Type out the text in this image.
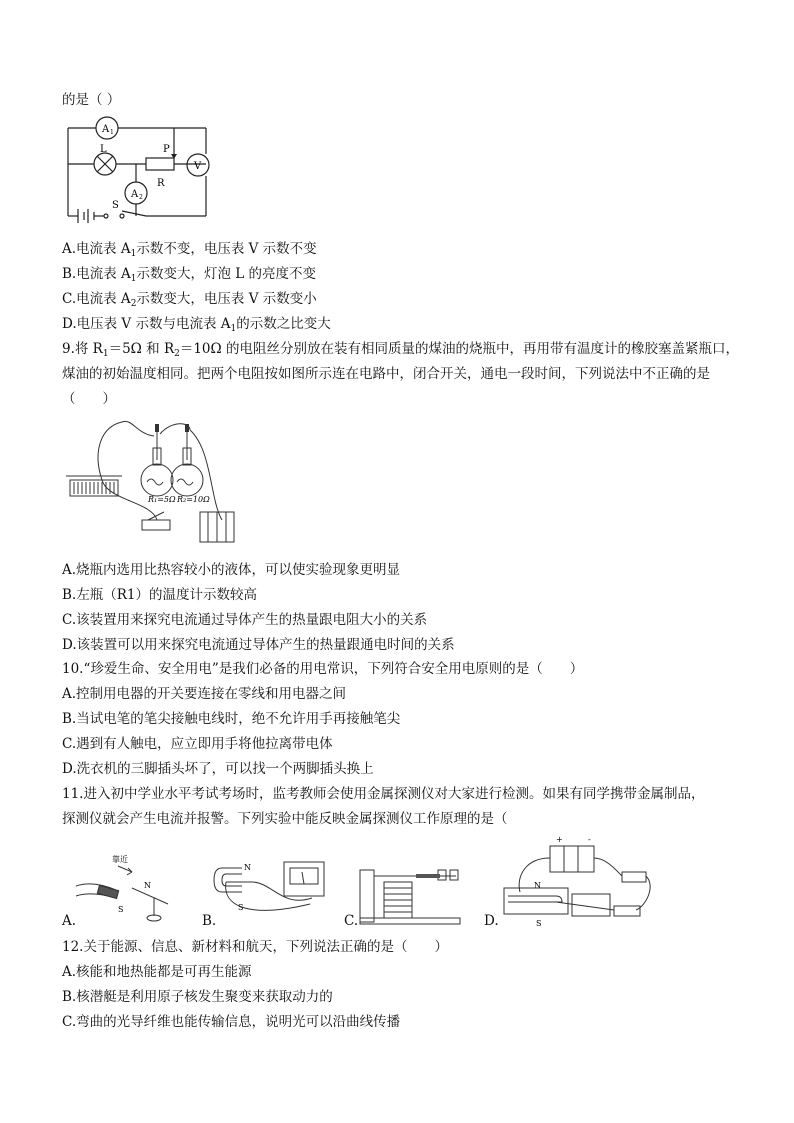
的是（ ）
A 1
L	P
R
V
A 2
S
A.电流表 $A_1$示数不变，电压表 V 示数不变
B.电流表 $A_1$示数变大，灯泡 L 的亮度不变
C.电流表 $A_2$示数变大，电压表 V 示数变小
D.电压表 V 示数与电流表 $A_1$的示数之比变大
9.将 $R_1=5\Omega$ 和 $R_2=10\Omega$ 的电阻丝分别放在装有相同质量的煤油的烧瓶中，再用带有温度计的橡胶塞盖紧瓶口，
煤油的初始温度相同。把两个电阻按如图所示连在电路中，闭合开关，通电一段时间，下列说法中不正确的是
（　　）
R₁=5Ω R₂=10Ω
A.烧瓶内选用比热容较小的液体，可以使实验现象更明显
B.左瓶（R1）的温度计示数较高
C.该装置用来探究电流通过导体产生的热量跟电阻大小的关系
D.该装置可以用来探究电流通过导体产生的热量跟通电时间的关系
10.“珍爱生命、安全用电”是我们必备的用电常识，下列符合安全用电原则的是（　　）
A.控制用电器的开关要连接在零线和用电器之间
B.当试电笔的笔尖接触电线时，绝不允许用手再接触笔尖
C.遇到有人触电，应立即用手将他拉离带电体
D.洗衣机的三脚插头坏了，可以找一个两脚插头换上
11.进入初中学业水平考试考场时，监考教师会使用金属探测仪对大家进行检测。如果有同学携带金属制品，
探测仪就会产生电流并报警。下列实验中能反映金属探测仪工作原理的是（
靠近
N
S
A.
N
S
B.	C.
+	-
N
S
D.
12.关于能源、信息、新材料和航天，下列说法正确的是（　　）
A.核能和地热能都是可再生能源
B.核潜艇是利用原子核发生聚变来获取动力的
C.弯曲的光导纤维也能传输信息，说明光可以沿曲线传播
